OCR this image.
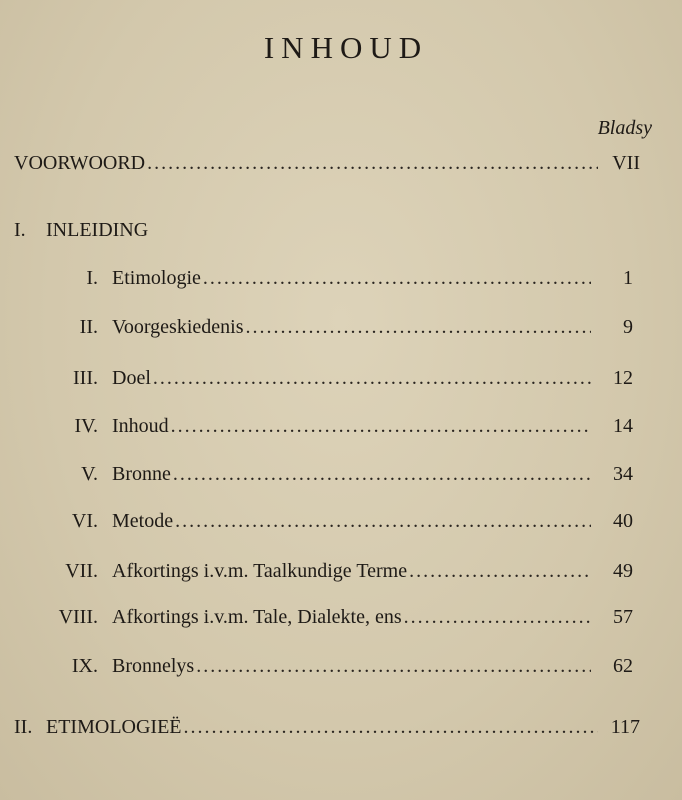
INHOUD
Bladsy
VOORWOORD .....	VII
I.	INLEIDING
I. Etimologie .....	1
II. Voorgeskiedenis .....	9
III. Doel .....	12
IV. Inhoud .....	14
V. Bronne .....	34
VI. Metode .....	40
VII. Afkortings i.v.m. Taalkundige Terme .....	49
VIII. Afkortings i.v.m. Tale, Dialekte, ens .....	57
IX. Bronnelys .....	62
II. ETIMOLOGIEË .....	117
